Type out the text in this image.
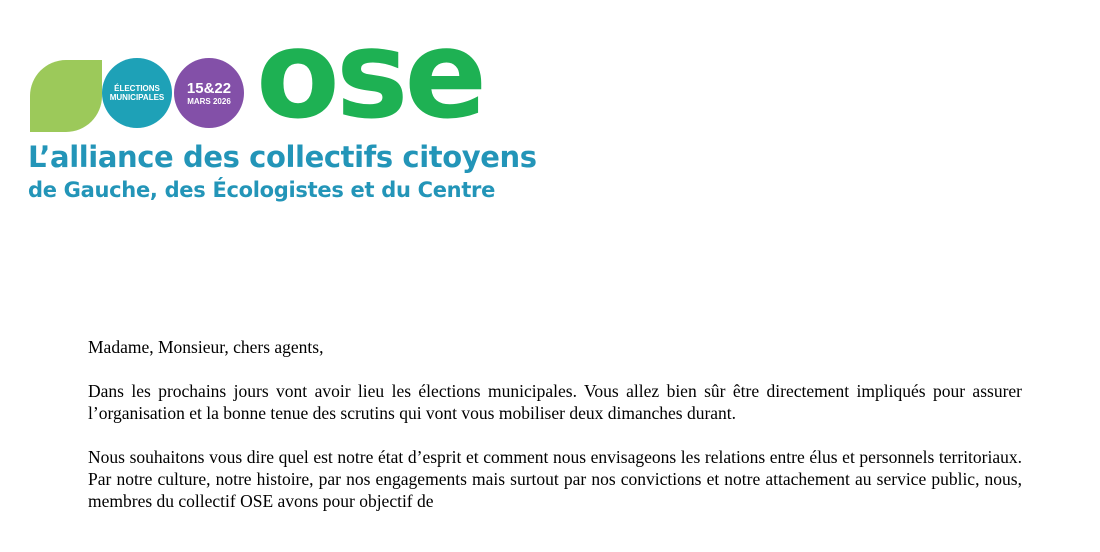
ÉLECTIONS
MUNICIPALES
15&22
MARS 2026 ose
L’alliance des collectifs citoyens
de Gauche, des Écologistes et du Centre

Madame, Monsieur, chers agents,

Dans les prochains jours vont avoir lieu les élections municipales. Vous allez bien sûr être directement impliqués pour assurer l’organisation et la bonne tenue des scrutins qui vont vous mobiliser deux dimanches durant.

Nous souhaitons vous dire quel est notre état d’esprit et comment nous envisageons les relations entre élus et personnels territoriaux. Par notre culture, notre histoire, par nos engagements mais surtout par nos convictions et notre attachement au service public, nous, membres du collectif OSE avons pour objectif de
